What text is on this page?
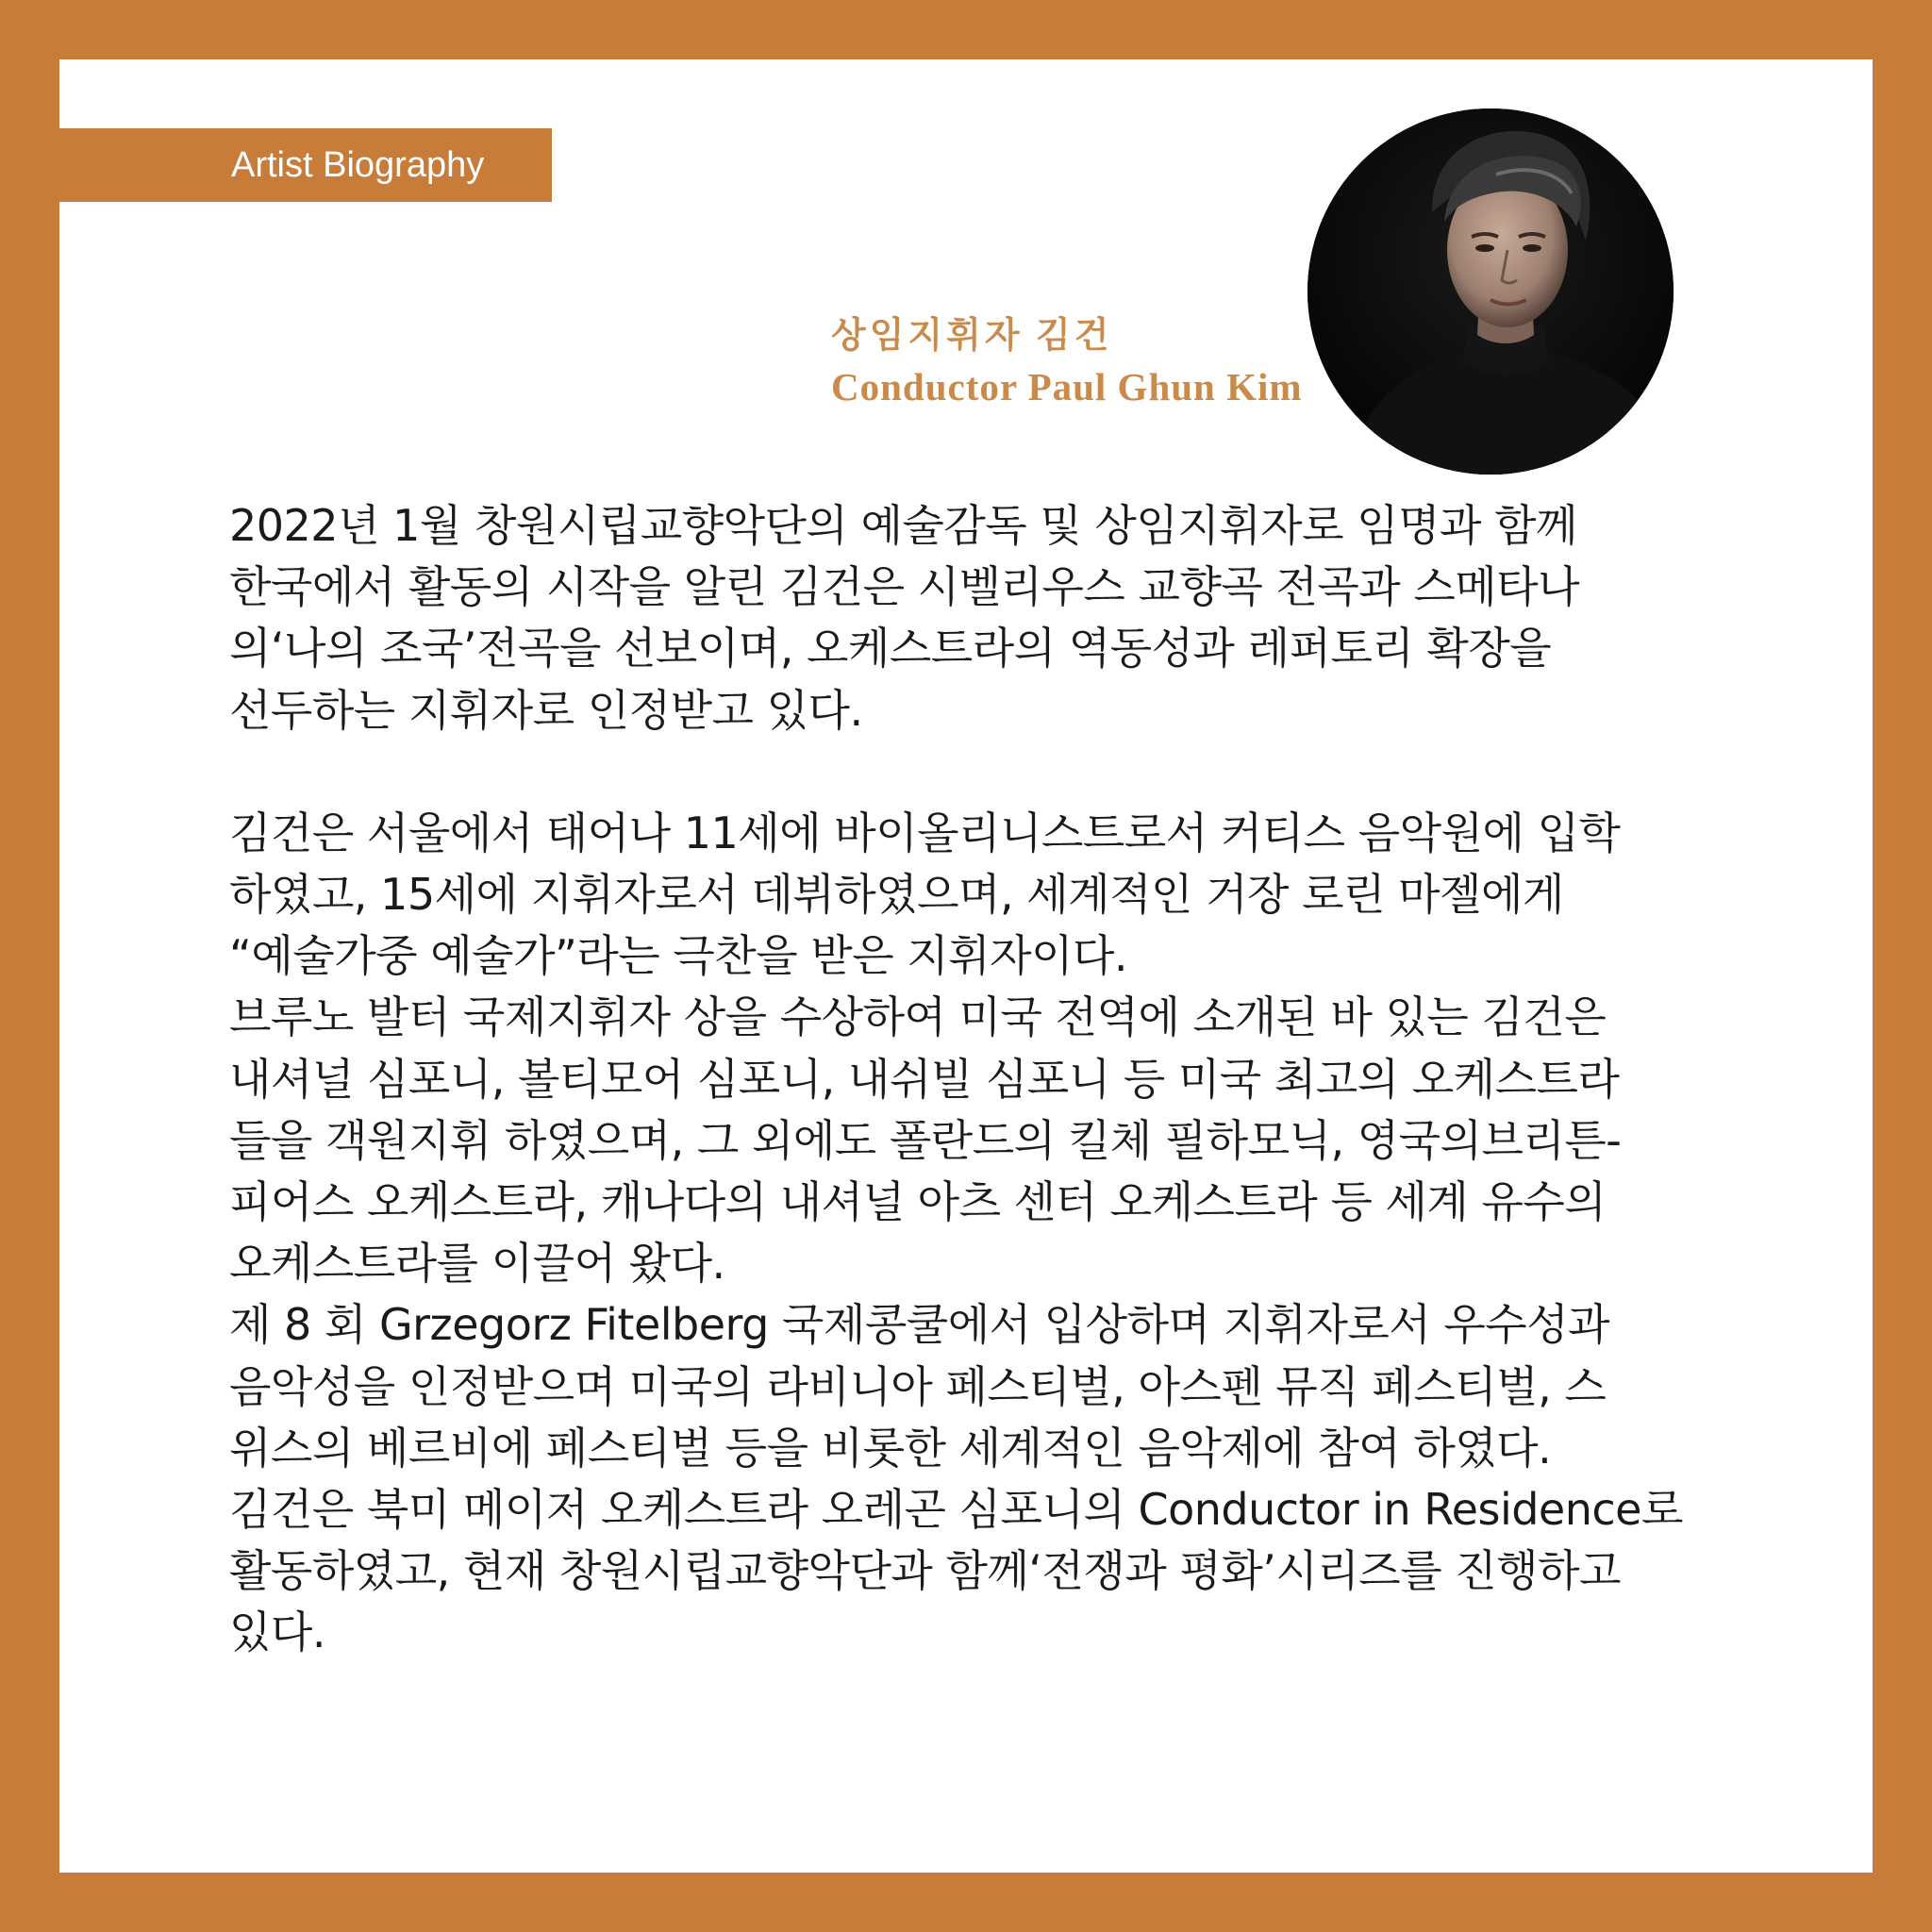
Artist Biography
상임지휘자 김건
Conductor Paul Ghun Kim

2022년 1월 창원시립교향악단의 예술감독 및 상임지휘자로 임명과 함께

한국에서 활동의 시작을 알린 김건은 시벨리우스 교향곡 전곡과 스메타나

의‘나의 조국’전곡을 선보이며, 오케스트라의 역동성과 레퍼토리 확장을

선두하는 지휘자로 인정받고 있다.

김건은 서울에서 태어나 11세에 바이올리니스트로서 커티스 음악원에 입학

하였고, 15세에 지휘자로서 데뷔하였으며, 세계적인 거장 로린 마젤에게

“예술가중 예술가”라는 극찬을 받은 지휘자이다.

브루노 발터 국제지휘자 상을 수상하여 미국 전역에 소개된 바 있는 김건은

내셔널 심포니, 볼티모어 심포니, 내쉬빌 심포니 등 미국 최고의 오케스트라

들을 객원지휘 하였으며, 그 외에도 폴란드의 킬체 필하모닉, 영국의브리튼-

피어스 오케스트라, 캐나다의 내셔널 아츠 센터 오케스트라 등 세계 유수의

오케스트라를 이끌어 왔다.

제 8 회 Grzegorz Fitelberg 국제콩쿨에서 입상하며 지휘자로서 우수성과

음악성을 인정받으며 미국의 라비니아 페스티벌, 아스펜 뮤직 페스티벌, 스

위스의 베르비에 페스티벌 등을 비롯한 세계적인 음악제에 참여 하였다.

김건은 북미 메이저 오케스트라 오레곤 심포니의 Conductor in Residence로

활동하였고, 현재 창원시립교향악단과 함께‘전쟁과 평화’시리즈를 진행하고

있다.
